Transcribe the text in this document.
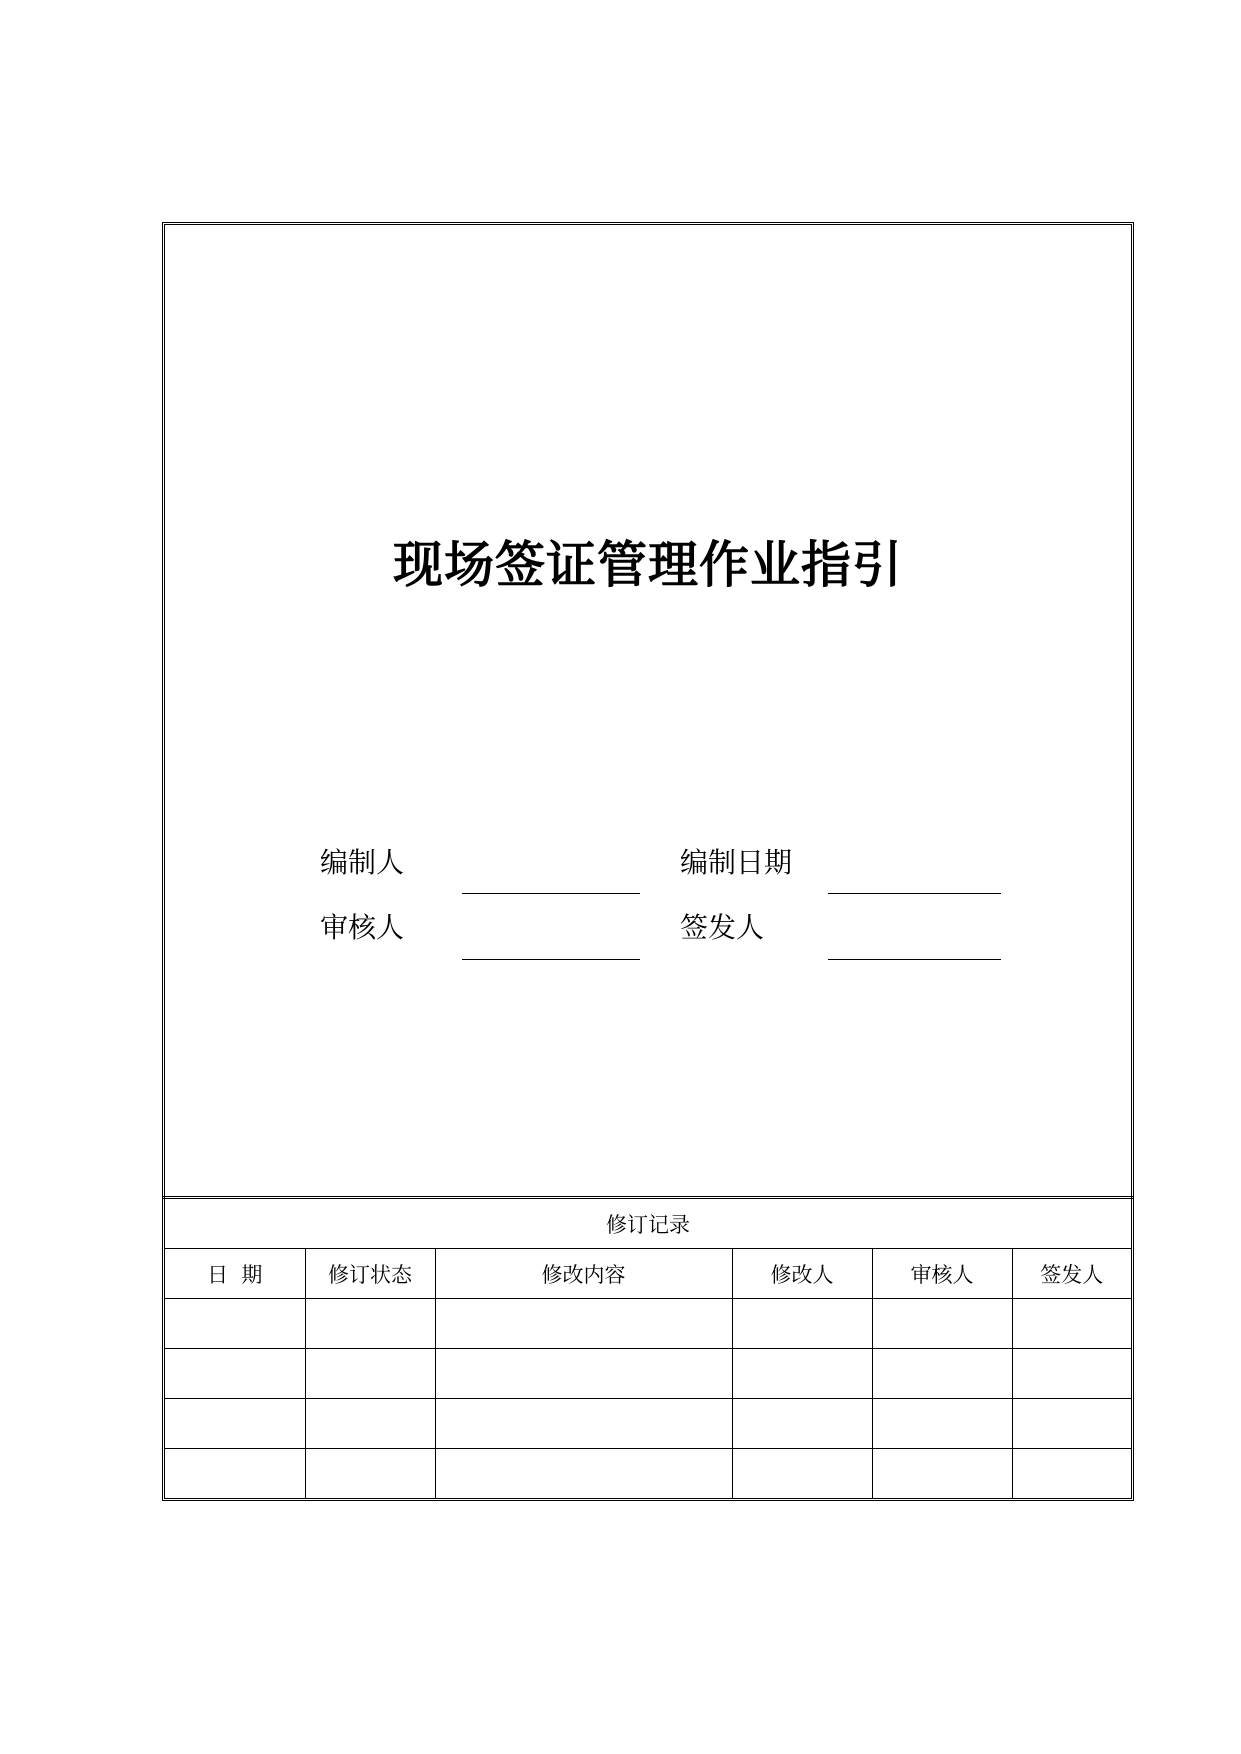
现场签证管理作业指引
编制人	编制日期
审核人	签发人
修订记录					
日  期	修订状态	修改内容	修改人	审核人	签发人
